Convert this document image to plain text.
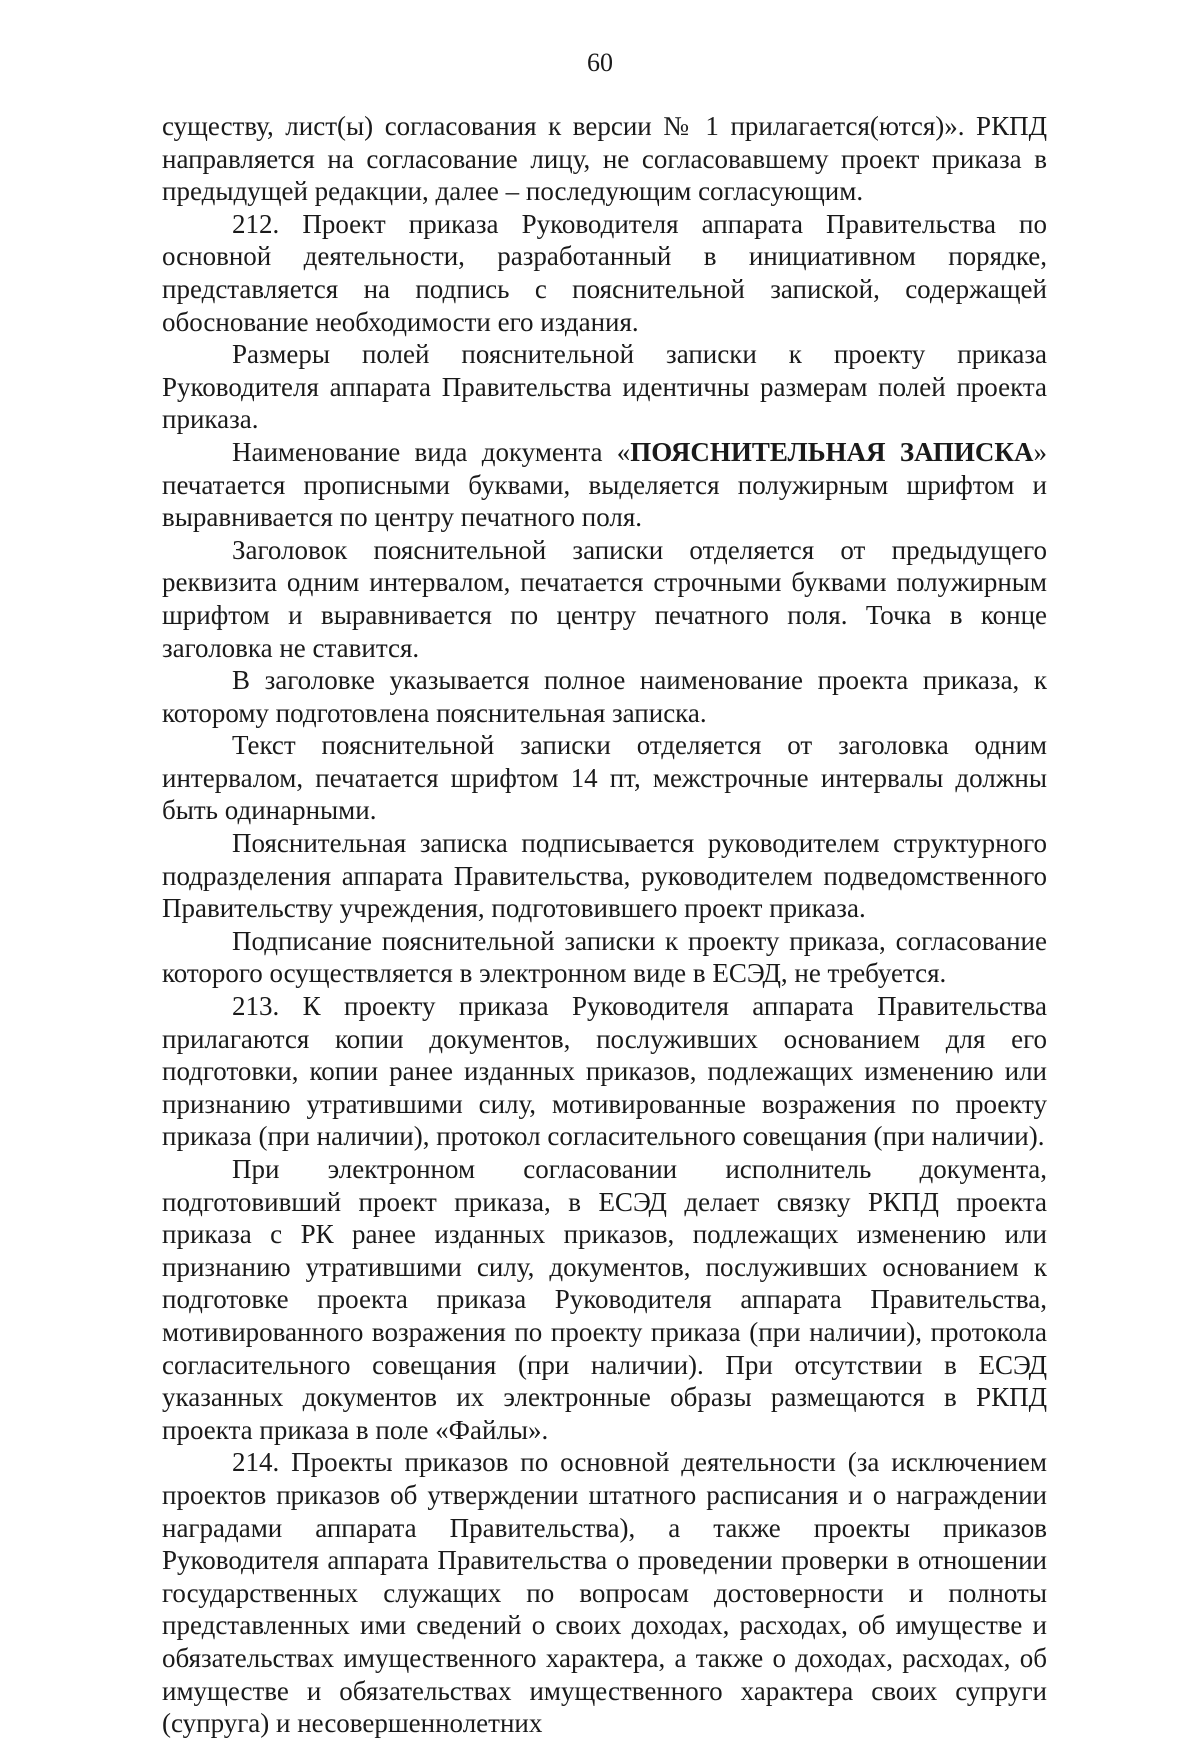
60

существу, лист(ы) согласования к версии № 1 прилагается(ются)». РКПД направляется на согласование лицу, не согласовавшему проект приказа в предыдущей редакции, далее – последующим согласующим.

212. Проект приказа Руководителя аппарата Правительства по основной деятельности, разработанный в инициативном порядке, представляется на подпись с пояснительной запиской, содержащей обоснование необходимости его издания.

Размеры полей пояснительной записки к проекту приказа Руководителя аппарата Правительства идентичны размерам полей проекта приказа.

Наименование вида документа «ПОЯСНИТЕЛЬНАЯ ЗАПИСКА» печатается прописными буквами, выделяется полужирным шрифтом и выравнивается по центру печатного поля.

Заголовок пояснительной записки отделяется от предыдущего реквизита одним интервалом, печатается строчными буквами полужирным шрифтом и выравнивается по центру печатного поля. Точка в конце заголовка не ставится.

В заголовке указывается полное наименование проекта приказа, к которому подготовлена пояснительная записка.

Текст пояснительной записки отделяется от заголовка одним интервалом, печатается шрифтом 14 пт, межстрочные интервалы должны быть одинарными.

Пояснительная записка подписывается руководителем структурного подразделения аппарата Правительства, руководителем подведомственного Правительству учреждения, подготовившего проект приказа.

Подписание пояснительной записки к проекту приказа, согласование которого осуществляется в электронном виде в ЕСЭД, не требуется.

213. К проекту приказа Руководителя аппарата Правительства прилагаются копии документов, послуживших основанием для его подготовки, копии ранее изданных приказов, подлежащих изменению или признанию утратившими силу, мотивированные возражения по проекту приказа (при наличии), протокол согласительного совещания (при наличии).

При электронном согласовании исполнитель документа, подготовивший проект приказа, в ЕСЭД делает связку РКПД проекта приказа с РК ранее изданных приказов, подлежащих изменению или признанию утратившими силу, документов, послуживших основанием к подготовке проекта приказа Руководителя аппарата Правительства, мотивированного возражения по проекту приказа (при наличии), протокола согласительного совещания (при наличии). При отсутствии в ЕСЭД указанных документов их электронные образы размещаются в РКПД проекта приказа в поле «Файлы».

214. Проекты приказов по основной деятельности (за исключением проектов приказов об утверждении штатного расписания и о награждении наградами аппарата Правительства), а также проекты приказов Руководителя аппарата Правительства о проведении проверки в отношении государственных служащих по вопросам достоверности и полноты представленных ими сведений о своих доходах, расходах, об имуществе и обязательствах имущественного характера, а также о доходах, расходах, об имуществе и обязательствах имущественного характера своих супруги (супруга) и несовершеннолетних
